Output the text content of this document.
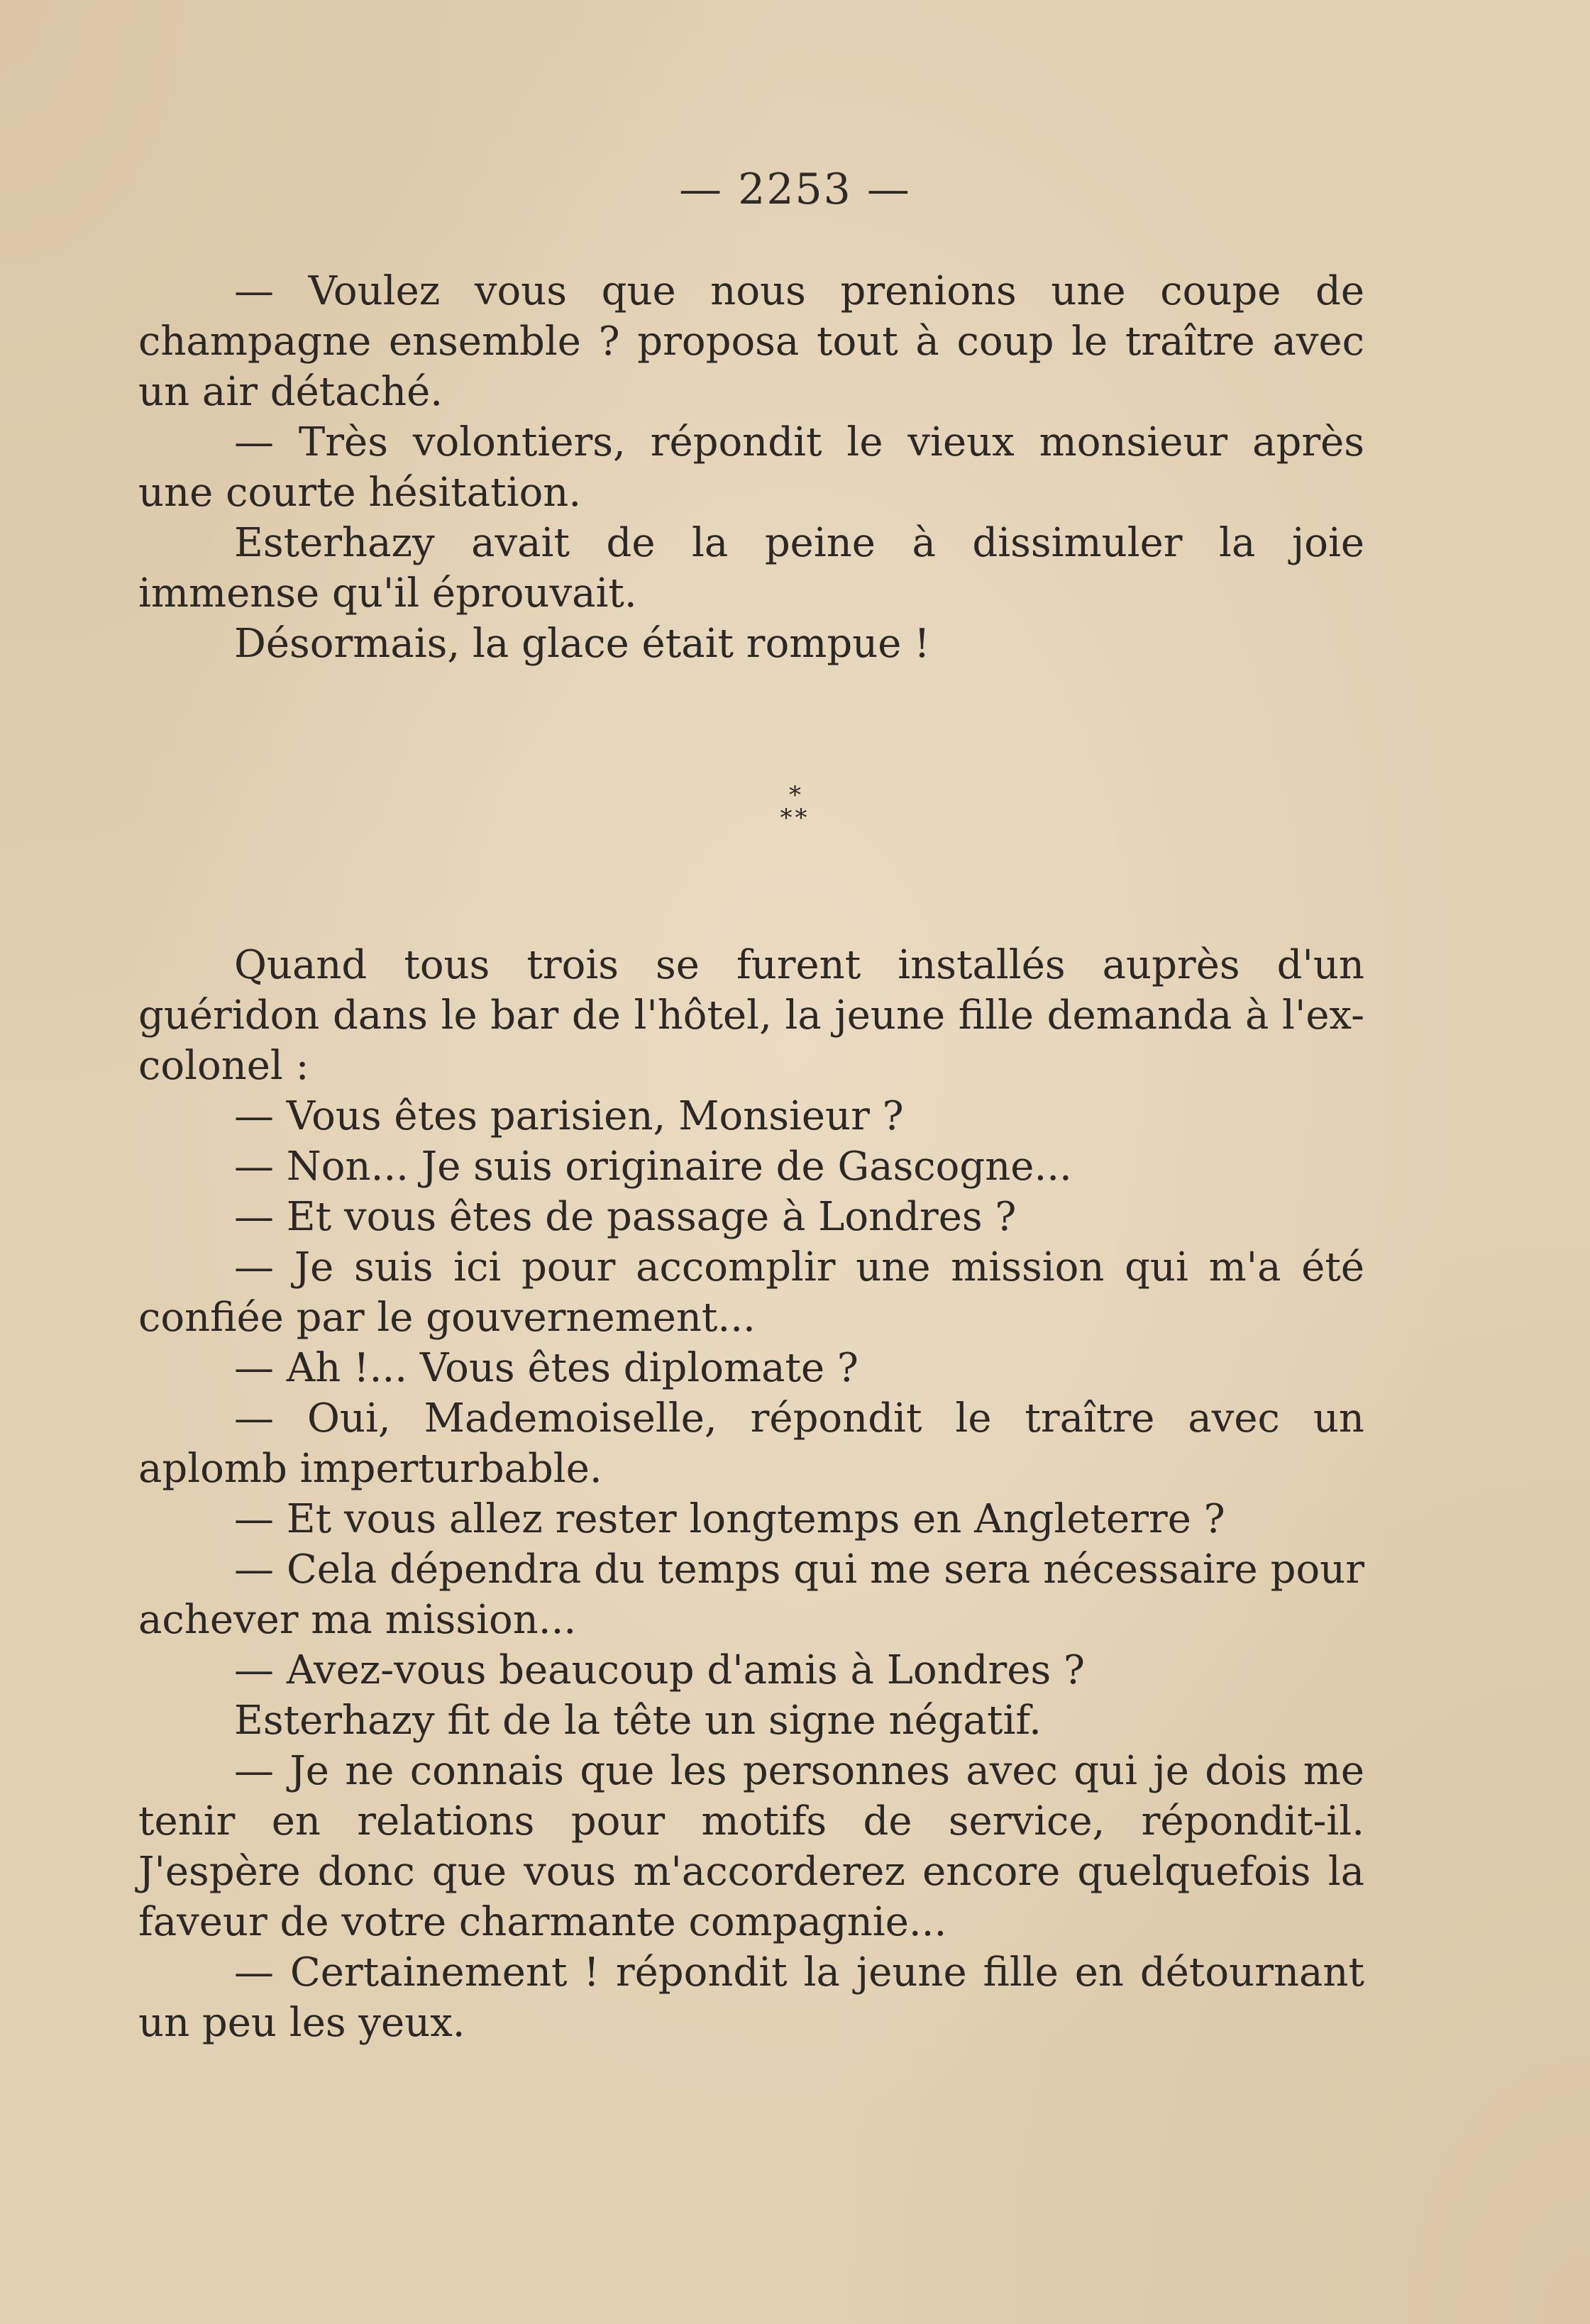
— 2253 —

— Voulez vous que nous prenions une coupe de champagne ensemble ? proposa tout à coup le traître avec un air détaché.

— Très volontiers, répondit le vieux monsieur après une courte hésitation.

Esterhazy avait de la peine à dissimuler la joie immense qu'il éprouvait.

Désormais, la glace était rompue !

*
**

Quand tous trois se furent installés auprès d'un guéridon dans le bar de l'hôtel, la jeune fille demanda à l'ex-colonel :

— Vous êtes parisien, Monsieur ?

— Non... Je suis originaire de Gascogne...

— Et vous êtes de passage à Londres ?

— Je suis ici pour accomplir une mission qui m'a été confiée par le gouvernement...

— Ah !... Vous êtes diplomate ?

— Oui, Mademoiselle, répondit le traître avec un aplomb imperturbable.

— Et vous allez rester longtemps en Angleterre ?

— Cela dépendra du temps qui me sera nécessaire pour achever ma mission...

— Avez-vous beaucoup d'amis à Londres ?

Esterhazy fit de la tête un signe négatif.

— Je ne connais que les personnes avec qui je dois me tenir en relations pour motifs de service, répondit-il. J'espère donc que vous m'accorderez encore quelquefois la faveur de votre charmante compagnie...

— Certainement ! répondit la jeune fille en détournant un peu les yeux.
